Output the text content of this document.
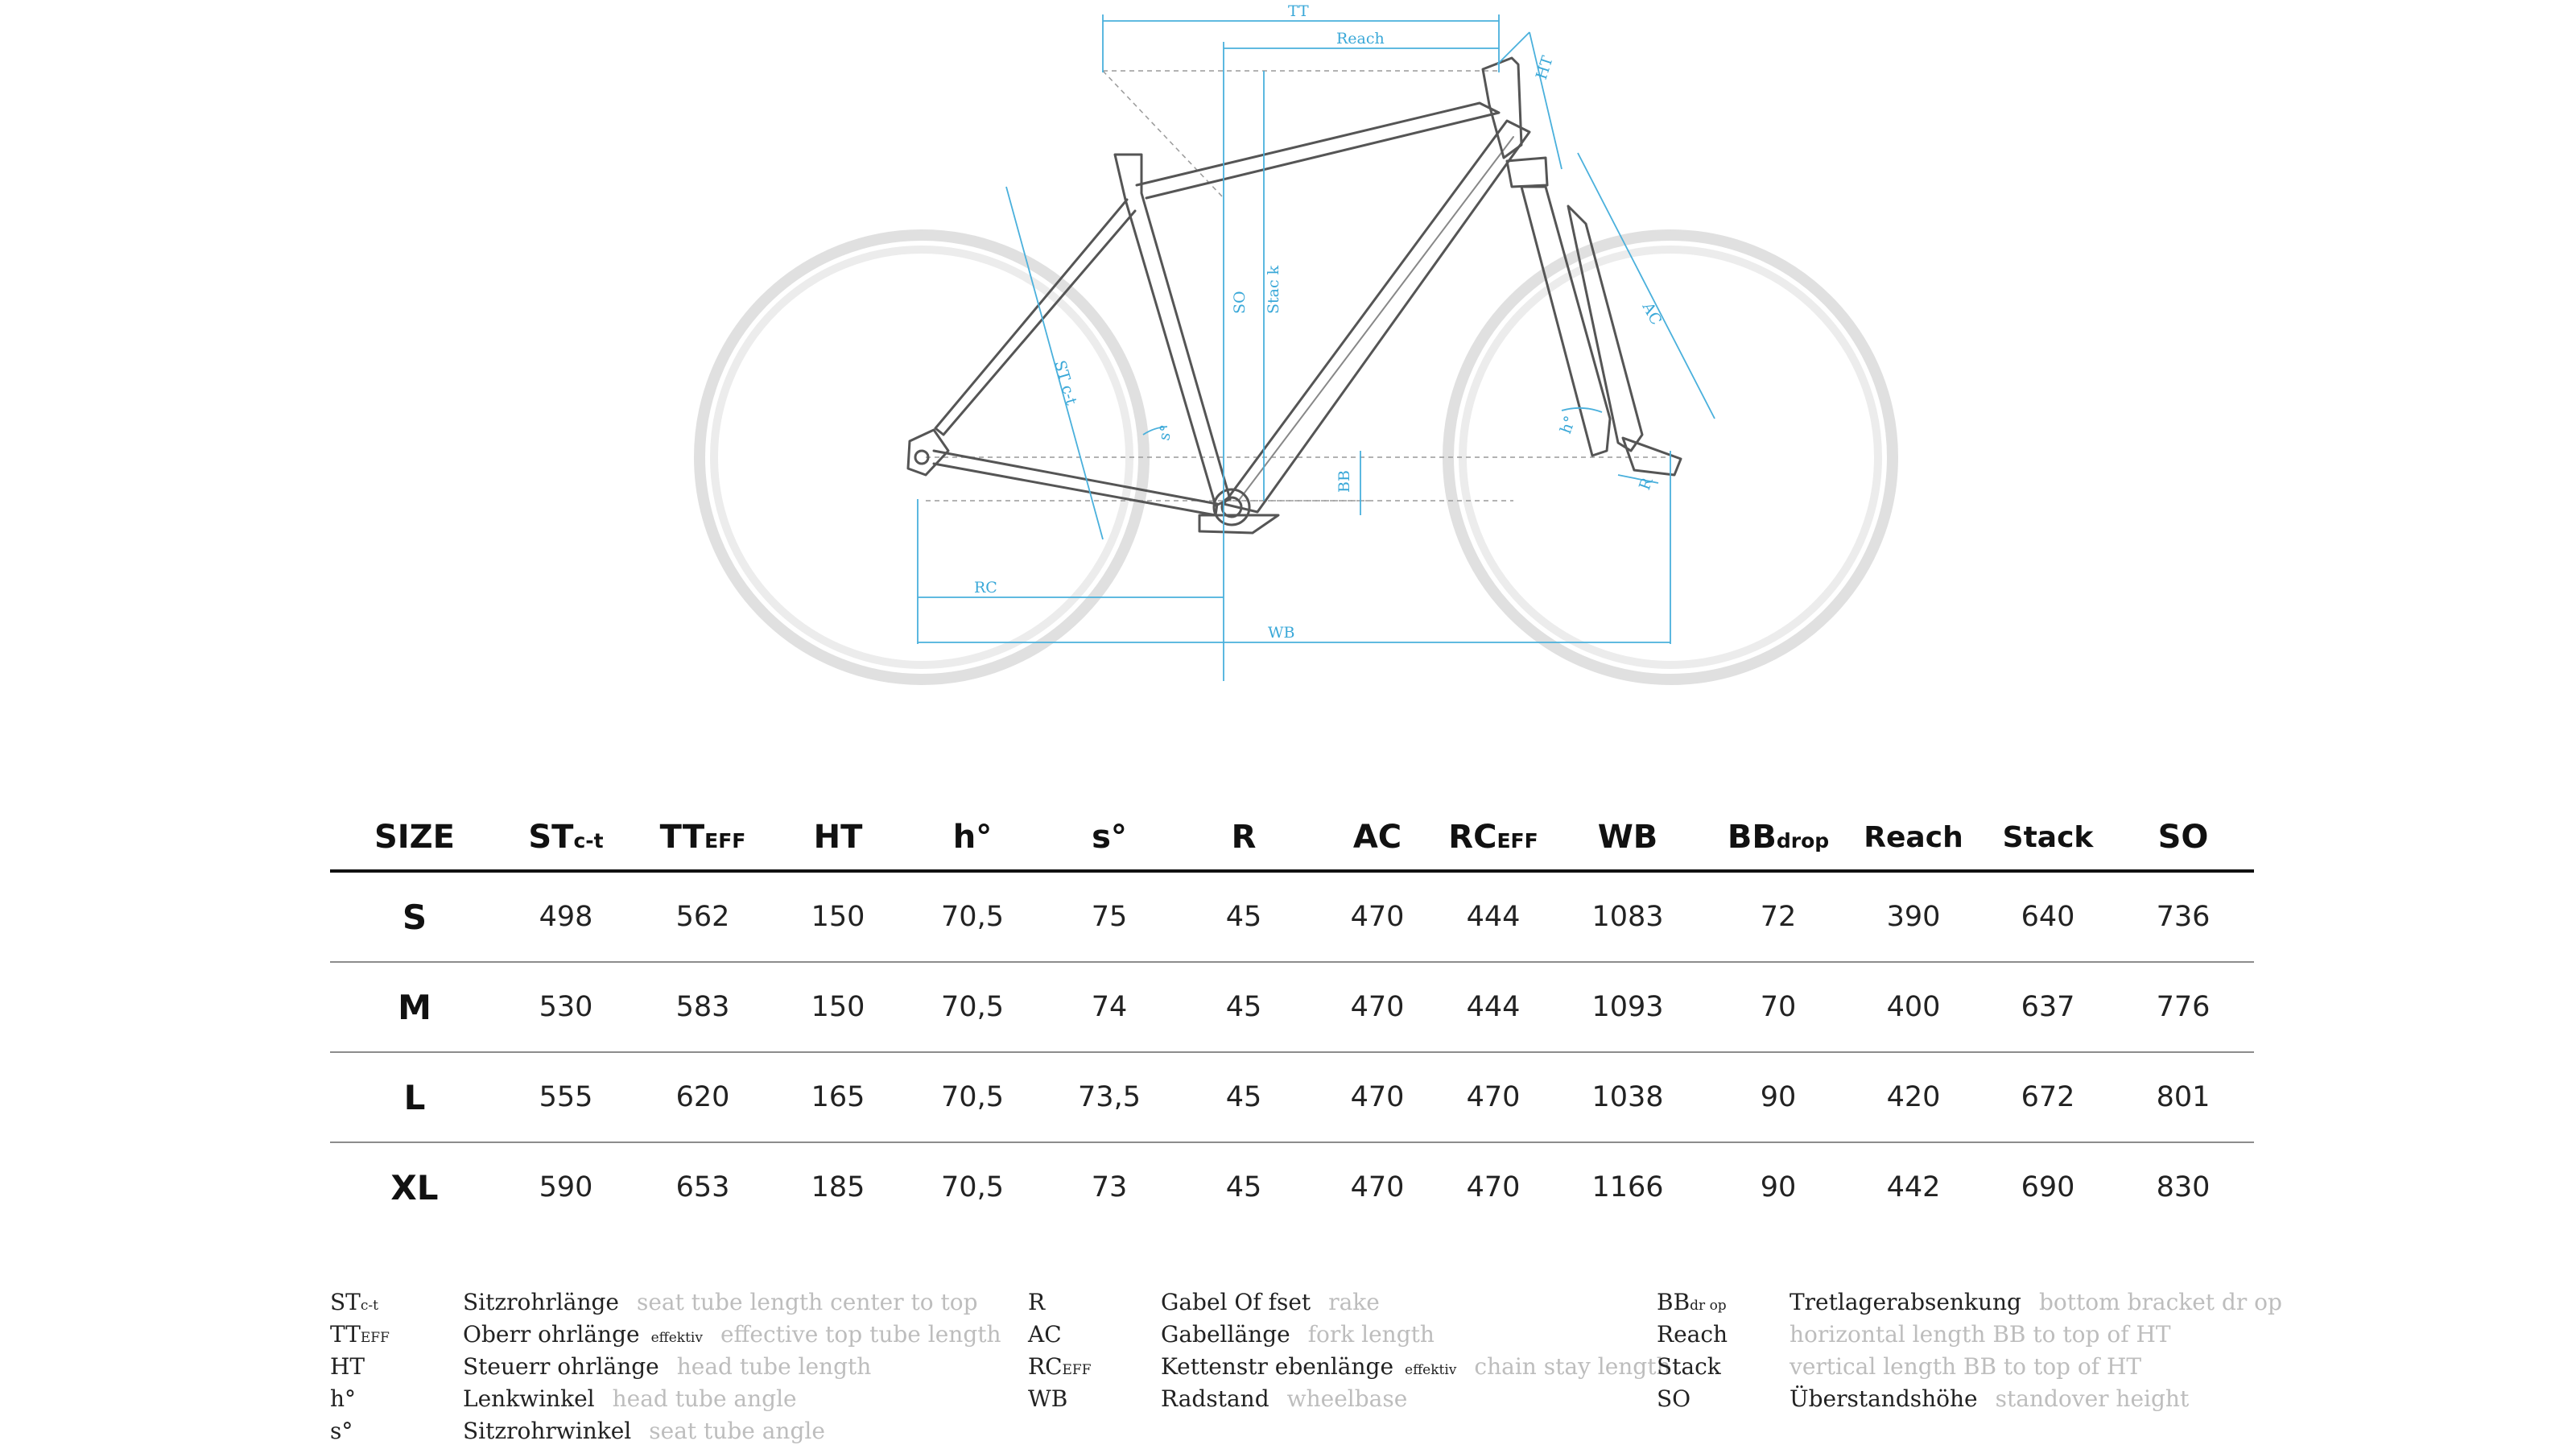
TT
Reach
HT
SO Stac k
ST c-t
AC
h°
s°
BB	R
RC
WB
SIZE	STc-t	TTEFF	HT	h°	s°	R	AC	RCEFF	WB	BBdrop	Reach	Stack	SO
S	498	562	150	70,5	75	45	470	444	1083	72	390	640	736
M	530	583	150	70,5	74	45	470	444	1093	70	400	637	776
L	555	620	165	70,5	73,5	45	470	470	1038	90	420	672	801
XL	590	653	185	70,5	73	45	470	470	1166	90	442	690	830
STc-t	Sitzrohrlänge seat tube length center to top
TTEFF	Oberr ohrlänge effektiv effective top tube length
HT	Steuerr ohrlänge head tube length
h°	Lenkwinkel head tube angle
s°	Sitzrohrwinkel seat tube angle
R	Gabel Of fset rake
AC	Gabellänge fork length
RCEFF	Kettenstr ebenlänge effektiv chain stay length
WB	Radstand wheelbase
BBdr op	Tretlagerabsenkung bottom bracket dr op
Reach	horizontal length BB to top of HT
Stack	vertical length BB to top of HT
SO	Überstandshöhe standover height
